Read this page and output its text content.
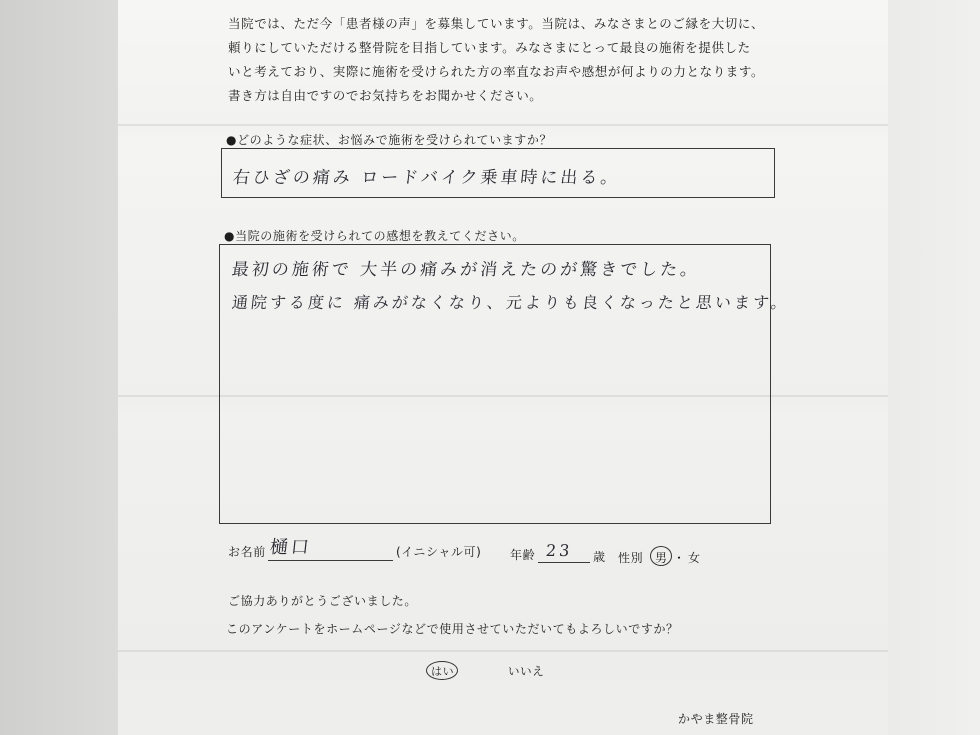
当院では、ただ今「患者様の声」を募集しています。当院は、みなさまとのご縁を大切に、
頼りにしていただける整骨院を目指しています。みなさまにとって最良の施術を提供した
いと考えており、実際に施術を受けられた方の率直なお声や感想が何よりの力となります。
書き方は自由ですのでお気持ちをお聞かせください。
●どのような症状、お悩みで施術を受けられていますか？
右ひざの痛み ロードバイク乗車時に出る。
●当院の施術を受けられての感想を教えてください。
最初の施術で 大半の痛みが消えたのが驚きでした。
通院する度に 痛みがなくなり、元よりも良くなったと思います。
お名前 樋口	(イニシャル可) 年齢 23 歳 性別 男 ・ 女
ご協力ありがとうございました。
このアンケートをホームページなどで使用させていただいてもよろしいですか？
はい	いいえ
かやま整骨院
